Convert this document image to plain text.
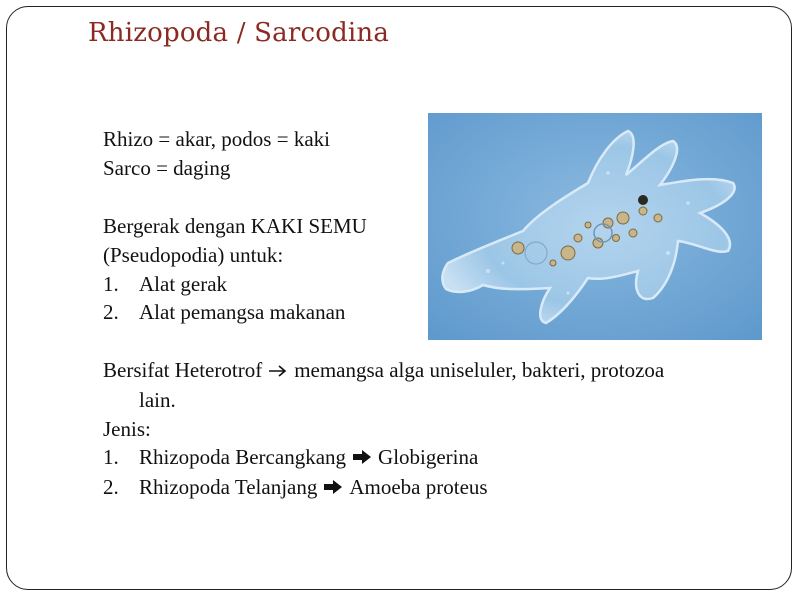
Rhizopoda / Sarcodina
Rhizo = akar, podos = kaki
Sarco = daging
Bergerak dengan KAKI SEMU
(Pseudopodia) untuk:
1. Alat gerak
2. Alat pemangsa makanan
Bersifat Heterotrof memangsa alga uniseluler, bakteri, protozoa
lain.
Jenis:
1. Rhizopoda Bercangkang Globigerina
2. Rhizopoda Telanjang Amoeba proteus
